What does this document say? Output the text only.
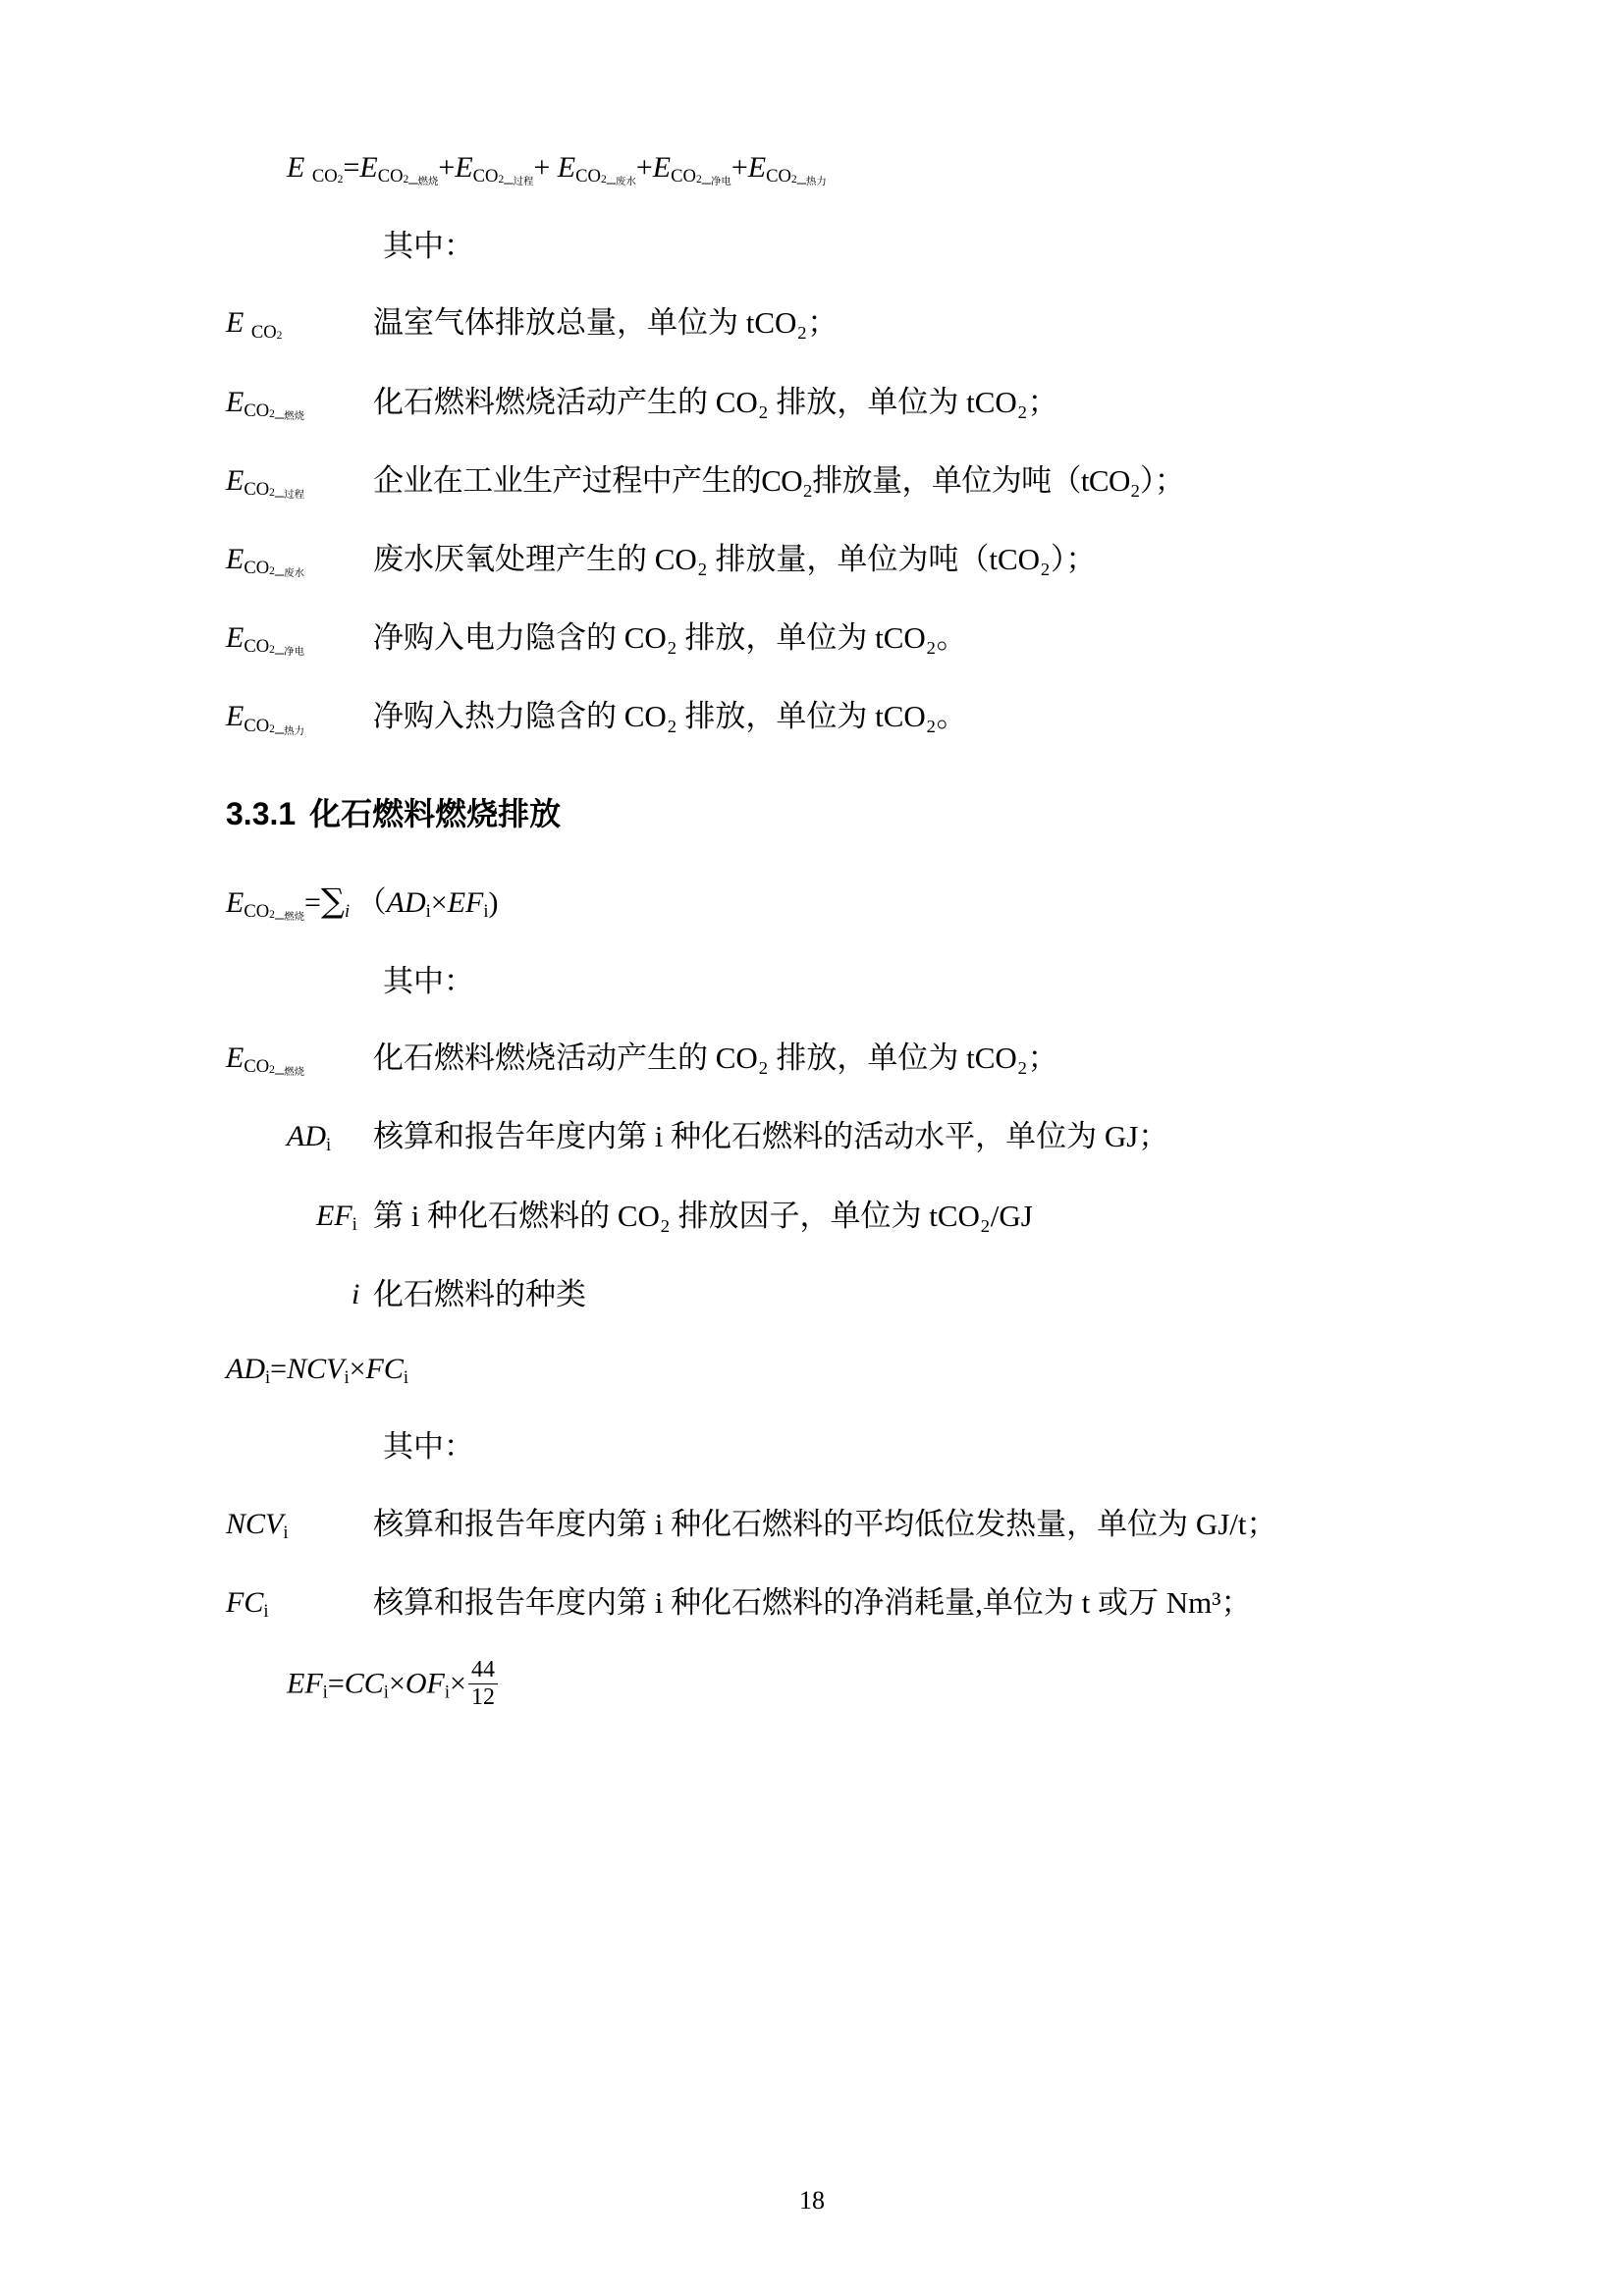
E $_{CO2}=E_{CO2\_燃烧}+E_{CO2\_过程}+ E_{CO2\_废水}+E_{CO2\_净电}+E_{CO2\_热力}$
其中：
E $_{CO2}$	温室气体排放总量，单位为 tCO₂；
$E_{CO2\_燃烧}$	化石燃料燃烧活动产生的 CO₂ 排放，单位为 tCO₂；
$E_{CO2\_过程}$	企业在工业生产过程中产生的CO₂排放量，单位为吨（tCO₂）；
$E_{CO2\_废水}$	废水厌氧处理产生的 CO₂ 排放量，单位为吨（tCO₂）；
$E_{CO2\_净电}$	净购入电力隐含的 CO₂ 排放，单位为 tCO₂。
$E_{CO2\_热力}$	净购入热力隐含的 CO₂ 排放，单位为 tCO₂。
3.3.1 化石燃料燃烧排放
$E_{CO2\_燃烧}=\sum_i$ $(AD_i\times EF_i)$
其中：
$E_{CO2\_燃烧}$	化石燃料燃烧活动产生的 CO₂ 排放，单位为 tCO₂；
$AD_i$	核算和报告年度内第 i 种化石燃料的活动水平，单位为 GJ；
$EF_i$ 第 i 种化石燃料的 CO₂ 排放因子，单位为 tCO₂/GJ
i 化石燃料的种类
$AD_i=NCV_i\times FC_i$
其中：
$NCV_i$	核算和报告年度内第 i 种化石燃料的平均低位发热量，单位为 GJ/t；
$FC_i$	核算和报告年度内第 i 种化石燃料的净消耗量,单位为 t 或万 Nm³；
$EF_i=CC_i\times OF_i\times \frac{44}{12}$
18
